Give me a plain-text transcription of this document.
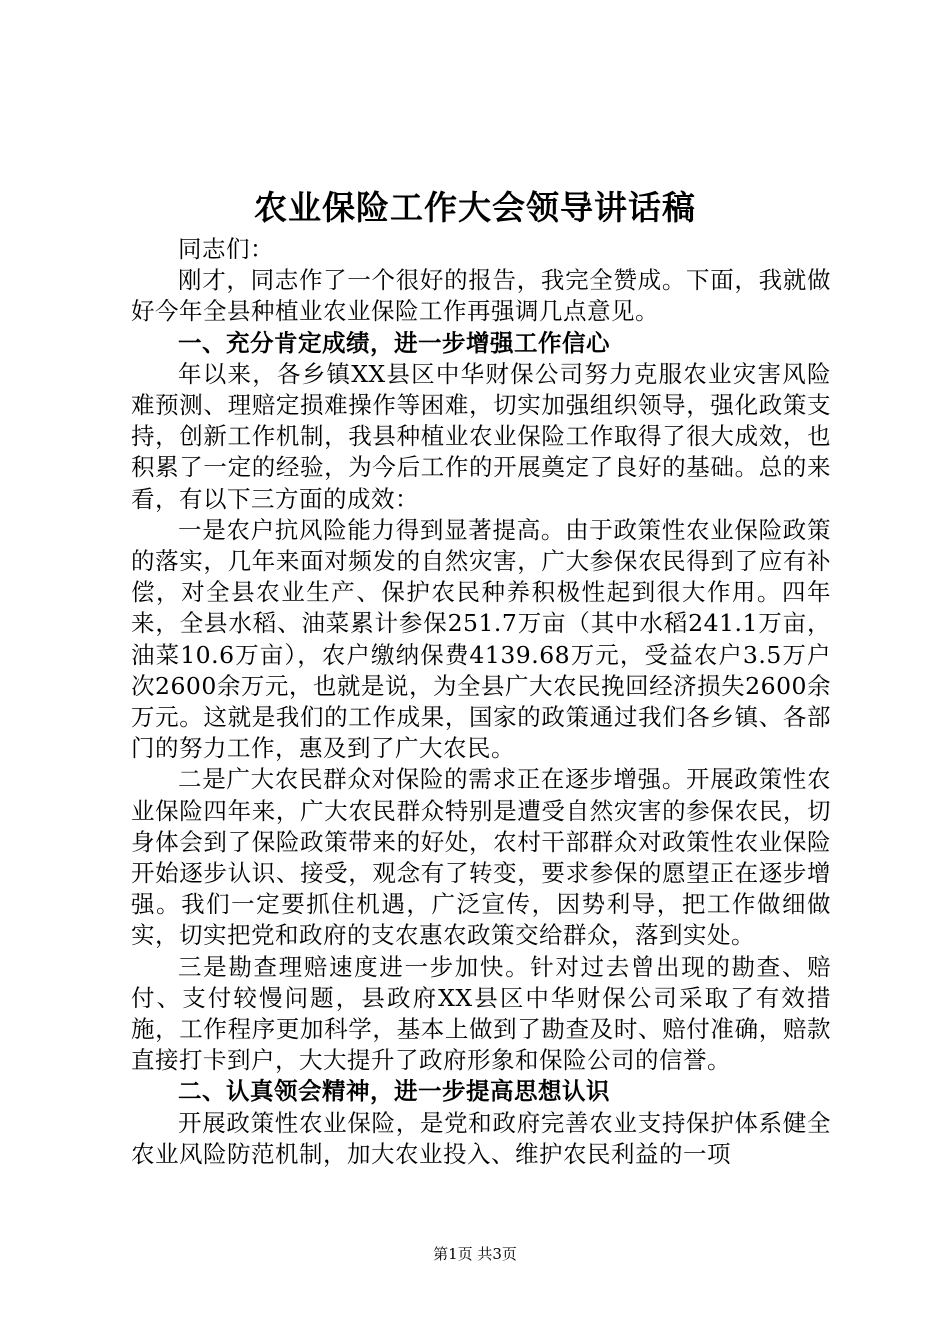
农业保险工作大会领导讲话稿

同志们：

刚才，同志作了一个很好的报告，我完全赞成。下面，我就做好今年全县种植业农业保险工作再强调几点意见。

一、充分肯定成绩，进一步增强工作信心

年以来，各乡镇XX县区中华财保公司努力克服农业灾害风险难预测、理赔定损难操作等困难，切实加强组织领导，强化政策支持，创新工作机制，我县种植业农业保险工作取得了很大成效，也积累了一定的经验，为今后工作的开展奠定了良好的基础。总的来看，有以下三方面的成效：

一是农户抗风险能力得到显著提高。由于政策性农业保险政策的落实，几年来面对频发的自然灾害，广大参保农民得到了应有补偿，对全县农业生产、保护农民种养积极性起到很大作用。四年来，全县水稻、油菜累计参保251.7万亩（其中水稻241.1万亩，油菜10.6万亩），农户缴纳保费4139.68万元，受益农户3.5万户次2600余万元，也就是说，为全县广大农民挽回经济损失2600余万元。这就是我们的工作成果，国家的政策通过我们各乡镇、各部门的努力工作，惠及到了广大农民。

二是广大农民群众对保险的需求正在逐步增强。开展政策性农业保险四年来，广大农民群众特别是遭受自然灾害的参保农民，切身体会到了保险政策带来的好处，农村干部群众对政策性农业保险开始逐步认识、接受，观念有了转变，要求参保的愿望正在逐步增强。我们一定要抓住机遇，广泛宣传，因势利导，把工作做细做实，切实把党和政府的支农惠农政策交给群众，落到实处。

三是勘查理赔速度进一步加快。针对过去曾出现的勘查、赔付、支付较慢问题，县政府XX县区中华财保公司采取了有效措施，工作程序更加科学，基本上做到了勘查及时、赔付准确，赔款直接打卡到户，大大提升了政府形象和保险公司的信誉。

二、认真领会精神，进一步提高思想认识

开展政策性农业保险，是党和政府完善农业支持保护体系健全农业风险防范机制，加大农业投入、维护农民利益的一项

第1页 共3页
